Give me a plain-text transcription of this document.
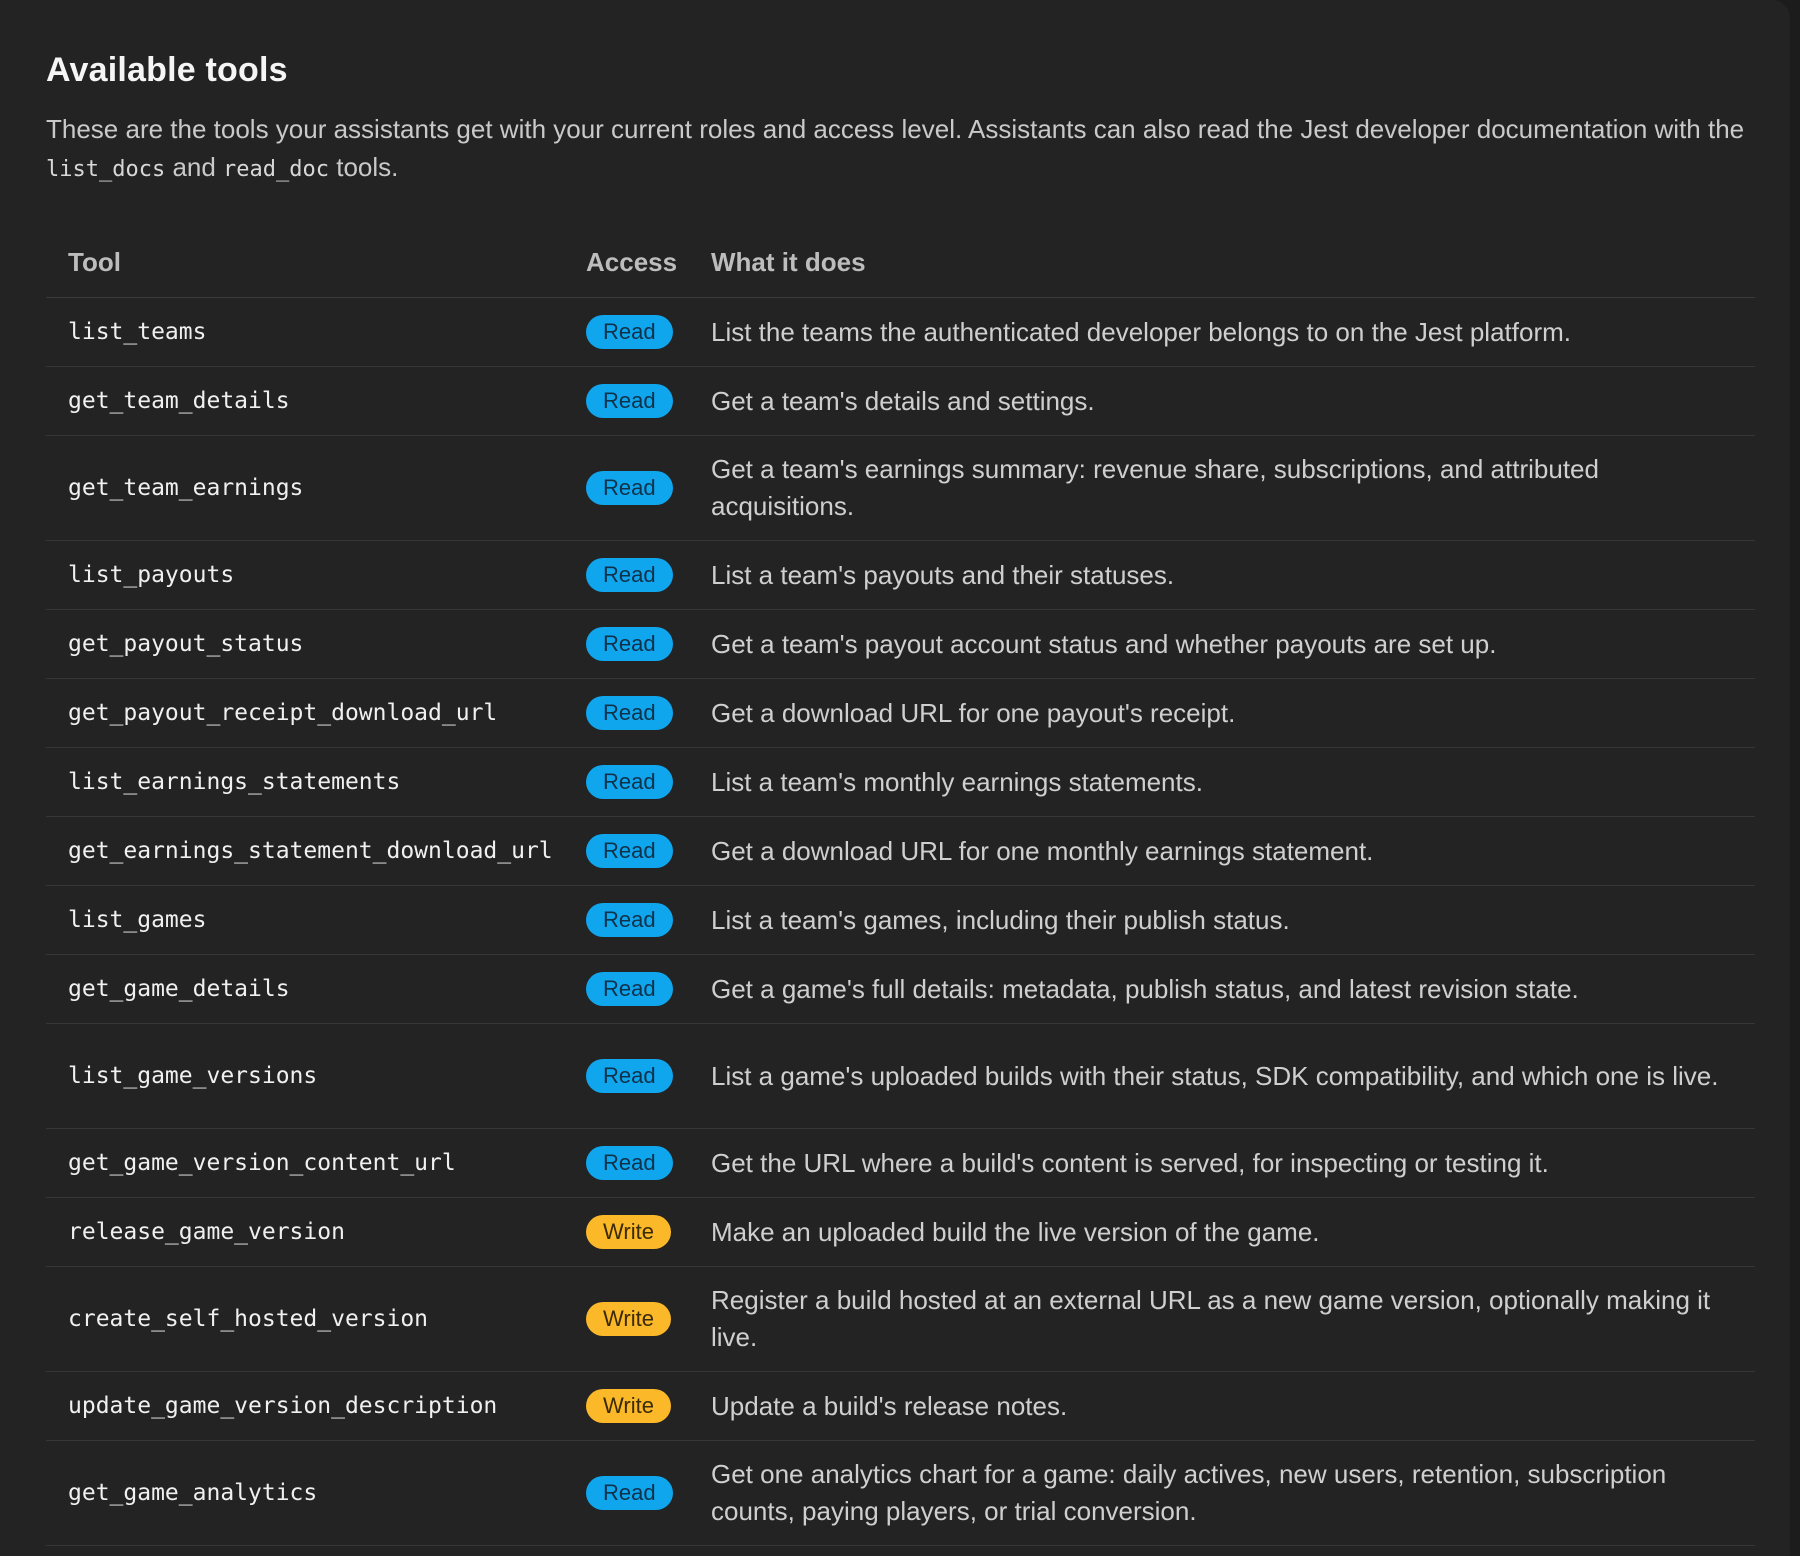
Available tools
These are the tools your assistants get with your current roles and access level. Assistants can also read the Jest developer documentation with the list_docs and read_doc tools.
Tool	Access	What it does
list_teams	Read	List the teams the authenticated developer belongs to on the Jest platform.

get_team_details	Read	Get a team's details and settings.

get_team_earnings	Read	Get a team's earnings summary: revenue share, subscriptions, and attributed acquisitions.

list_payouts	Read	List a team's payouts and their statuses.

get_payout_status	Read	Get a team's payout account status and whether payouts are set up.

get_payout_receipt_download_url	Read	Get a download URL for one payout's receipt.

list_earnings_statements	Read	List a team's monthly earnings statements.

get_earnings_statement_download_url	Read	Get a download URL for one monthly earnings statement.

list_games	Read	List a team's games, including their publish status.

get_game_details	Read	Get a game's full details: metadata, publish status, and latest revision state.

list_game_versions	Read	List a game's uploaded builds with their status, SDK compatibility, and which one is live.

get_game_version_content_url	Read	Get the URL where a build's content is served, for inspecting or testing it.

release_game_version	Write	Make an uploaded build the live version of the game.

create_self_hosted_version	Write	Register a build hosted at an external URL as a new game version, optionally making it live.

update_game_version_description	Write	Update a build's release notes.

get_game_analytics	Read	Get one analytics chart for a game: daily actives, new users, retention, subscription counts, paying players, or trial conversion.
